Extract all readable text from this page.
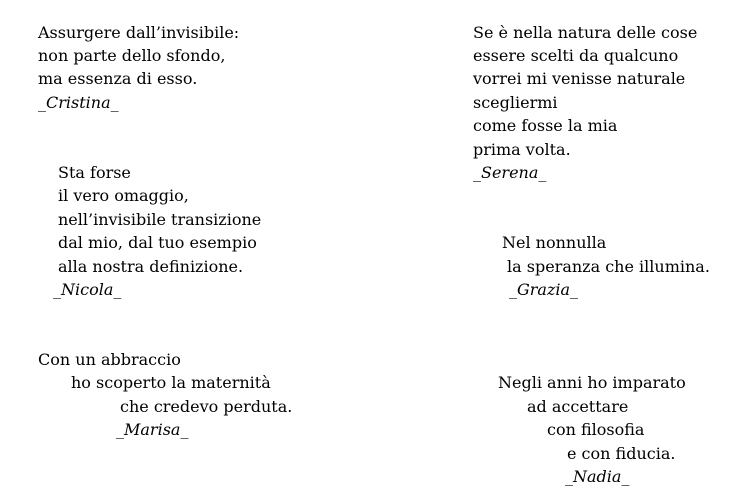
Assurgere dall’invisibile:
non parte dello sfondo,
ma essenza di esso.
_Cristina_
Se è nella natura delle cose
essere scelti da qualcuno
vorrei mi venisse naturale
scegliermi
come fosse la mia
prima volta.
_Serena_
Sta forse
il vero omaggio,
nell’invisibile transizione
dal mio, dal tuo esempio
alla nostra definizione.
_Nicola_
Nel nonnulla
la speranza che illumina.
_Grazia_
Con un abbraccio
ho scoperto la maternità
che credevo perduta.
_Marisa_
Negli anni ho imparato
ad accettare
con filosofia
e con fiducia.
_Nadia_
